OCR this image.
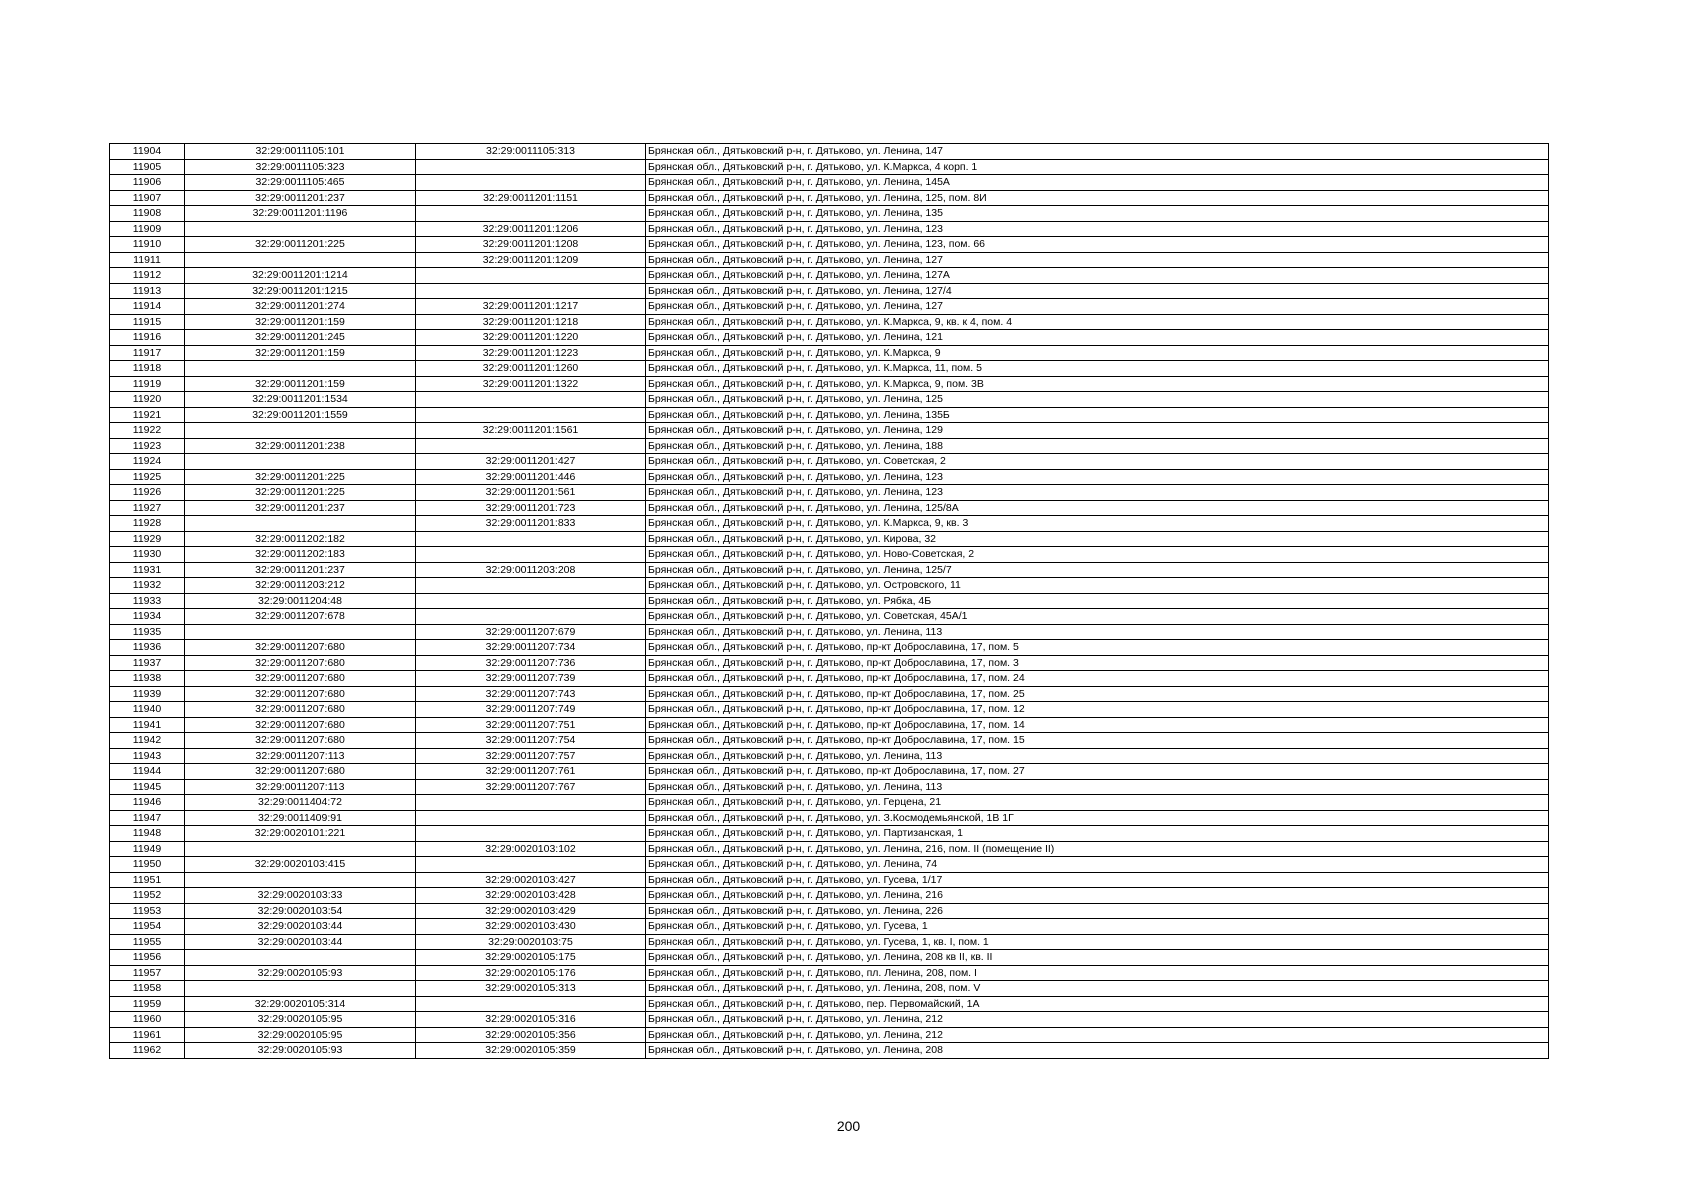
11904	32:29:0011105:101	32:29:0011105:313	Брянская обл., Дятьковский р-н, г. Дятьково, ул. Ленина, 147
11905	32:29:0011105:323		Брянская обл., Дятьковский р-н, г. Дятьково, ул. К.Маркса, 4 корп. 1
11906	32:29:0011105:465		Брянская обл., Дятьковский р-н, г. Дятьково, ул. Ленина, 145А
11907	32:29:0011201:237	32:29:0011201:1151	Брянская обл., Дятьковский р-н, г. Дятьково, ул. Ленина, 125, пом. 8И
11908	32:29:0011201:1196		Брянская обл., Дятьковский р-н, г. Дятьково, ул. Ленина, 135
11909		32:29:0011201:1206	Брянская обл., Дятьковский р-н, г. Дятьково, ул. Ленина, 123
11910	32:29:0011201:225	32:29:0011201:1208	Брянская обл., Дятьковский р-н, г. Дятьково, ул. Ленина, 123, пом. 66
11911		32:29:0011201:1209	Брянская обл., Дятьковский р-н, г. Дятьково, ул. Ленина, 127
11912	32:29:0011201:1214		Брянская обл., Дятьковский р-н, г. Дятьково, ул. Ленина, 127А
11913	32:29:0011201:1215		Брянская обл., Дятьковский р-н, г. Дятьково, ул. Ленина, 127/4
11914	32:29:0011201:274	32:29:0011201:1217	Брянская обл., Дятьковский р-н, г. Дятьково, ул. Ленина, 127
11915	32:29:0011201:159	32:29:0011201:1218	Брянская обл., Дятьковский р-н, г. Дятьково, ул. К.Маркса, 9, кв. к 4, пом. 4
11916	32:29:0011201:245	32:29:0011201:1220	Брянская обл., Дятьковский р-н, г. Дятьково, ул. Ленина, 121
11917	32:29:0011201:159	32:29:0011201:1223	Брянская обл., Дятьковский р-н, г. Дятьково, ул. К.Маркса, 9
11918		32:29:0011201:1260	Брянская обл., Дятьковский р-н, г. Дятьково, ул. К.Маркса, 11, пом. 5
11919	32:29:0011201:159	32:29:0011201:1322	Брянская обл., Дятьковский р-н, г. Дятьково, ул. К.Маркса, 9, пом. 3В
11920	32:29:0011201:1534		Брянская обл., Дятьковский р-н, г. Дятьково, ул. Ленина, 125
11921	32:29:0011201:1559		Брянская обл., Дятьковский р-н, г. Дятьково, ул. Ленина, 135Б
11922		32:29:0011201:1561	Брянская обл., Дятьковский р-н, г. Дятьково, ул. Ленина, 129
11923	32:29:0011201:238		Брянская обл., Дятьковский р-н, г. Дятьково, ул. Ленина, 188
11924		32:29:0011201:427	Брянская обл., Дятьковский р-н, г. Дятьково, ул. Советская, 2
11925	32:29:0011201:225	32:29:0011201:446	Брянская обл., Дятьковский р-н, г. Дятьково, ул. Ленина, 123
11926	32:29:0011201:225	32:29:0011201:561	Брянская обл., Дятьковский р-н, г. Дятьково, ул. Ленина, 123
11927	32:29:0011201:237	32:29:0011201:723	Брянская обл., Дятьковский р-н, г. Дятьково, ул. Ленина, 125/8А
11928		32:29:0011201:833	Брянская обл., Дятьковский р-н, г. Дятьково, ул. К.Маркса, 9, кв. 3
11929	32:29:0011202:182		Брянская обл., Дятьковский р-н, г. Дятьково, ул. Кирова, 32
11930	32:29:0011202:183		Брянская обл., Дятьковский р-н, г. Дятьково, ул. Ново-Советская, 2
11931	32:29:0011201:237	32:29:0011203:208	Брянская обл., Дятьковский р-н, г. Дятьково, ул. Ленина, 125/7
11932	32:29:0011203:212		Брянская обл., Дятьковский р-н, г. Дятьково, ул. Островского, 11
11933	32:29:0011204:48		Брянская обл., Дятьковский р-н, г. Дятьково, ул. Рябка, 4Б
11934	32:29:0011207:678		Брянская обл., Дятьковский р-н, г. Дятьково, ул. Советская, 45А/1
11935		32:29:0011207:679	Брянская обл., Дятьковский р-н, г. Дятьково, ул. Ленина, 113
11936	32:29:0011207:680	32:29:0011207:734	Брянская обл., Дятьковский р-н, г. Дятьково, пр-кт Доброславина, 17, пом. 5
11937	32:29:0011207:680	32:29:0011207:736	Брянская обл., Дятьковский р-н, г. Дятьково, пр-кт Доброславина, 17, пом. 3
11938	32:29:0011207:680	32:29:0011207:739	Брянская обл., Дятьковский р-н, г. Дятьково, пр-кт Доброславина, 17, пом. 24
11939	32:29:0011207:680	32:29:0011207:743	Брянская обл., Дятьковский р-н, г. Дятьково, пр-кт Доброславина, 17, пом. 25
11940	32:29:0011207:680	32:29:0011207:749	Брянская обл., Дятьковский р-н, г. Дятьково, пр-кт Доброславина, 17, пом. 12
11941	32:29:0011207:680	32:29:0011207:751	Брянская обл., Дятьковский р-н, г. Дятьково, пр-кт Доброславина, 17, пом. 14
11942	32:29:0011207:680	32:29:0011207:754	Брянская обл., Дятьковский р-н, г. Дятьково, пр-кт Доброславина, 17, пом. 15
11943	32:29:0011207:113	32:29:0011207:757	Брянская обл., Дятьковский р-н, г. Дятьково, ул. Ленина, 113
11944	32:29:0011207:680	32:29:0011207:761	Брянская обл., Дятьковский р-н, г. Дятьково, пр-кт Доброславина, 17, пом. 27
11945	32:29:0011207:113	32:29:0011207:767	Брянская обл., Дятьковский р-н, г. Дятьково, ул. Ленина, 113
11946	32:29:0011404:72		Брянская обл., Дятьковский р-н, г. Дятьково, ул. Герцена, 21
11947	32:29:0011409:91		Брянская обл., Дятьковский р-н, г. Дятьково, ул. З.Космодемьянской, 1В 1Г
11948	32:29:0020101:221		Брянская обл., Дятьковский р-н, г. Дятьково, ул. Партизанская, 1
11949		32:29:0020103:102	Брянская обл., Дятьковский р-н, г. Дятьково, ул. Ленина, 216, пом. II (помещение II)
11950	32:29:0020103:415		Брянская обл., Дятьковский р-н, г. Дятьково, ул. Ленина, 74
11951		32:29:0020103:427	Брянская обл., Дятьковский р-н, г. Дятьково, ул. Гусева, 1/17
11952	32:29:0020103:33	32:29:0020103:428	Брянская обл., Дятьковский р-н, г. Дятьково, ул. Ленина, 216
11953	32:29:0020103:54	32:29:0020103:429	Брянская обл., Дятьковский р-н, г. Дятьково, ул. Ленина, 226
11954	32:29:0020103:44	32:29:0020103:430	Брянская обл., Дятьковский р-н, г. Дятьково, ул. Гусева, 1
11955	32:29:0020103:44	32:29:0020103:75	Брянская обл., Дятьковский р-н, г. Дятьково, ул. Гусева, 1, кв. I, пом. 1
11956		32:29:0020105:175	Брянская обл., Дятьковский р-н, г. Дятьково, ул. Ленина, 208 кв II, кв. II
11957	32:29:0020105:93	32:29:0020105:176	Брянская обл., Дятьковский р-н, г. Дятьково, пл. Ленина, 208, пом. I
11958		32:29:0020105:313	Брянская обл., Дятьковский р-н, г. Дятьково, ул. Ленина, 208, пом. V
11959	32:29:0020105:314		Брянская обл., Дятьковский р-н, г. Дятьково, пер. Первомайский, 1А
11960	32:29:0020105:95	32:29:0020105:316	Брянская обл., Дятьковский р-н, г. Дятьково, ул. Ленина, 212
11961	32:29:0020105:95	32:29:0020105:356	Брянская обл., Дятьковский р-н, г. Дятьково, ул. Ленина, 212
11962	32:29:0020105:93	32:29:0020105:359	Брянская обл., Дятьковский р-н, г. Дятьково, ул. Ленина, 208
200
